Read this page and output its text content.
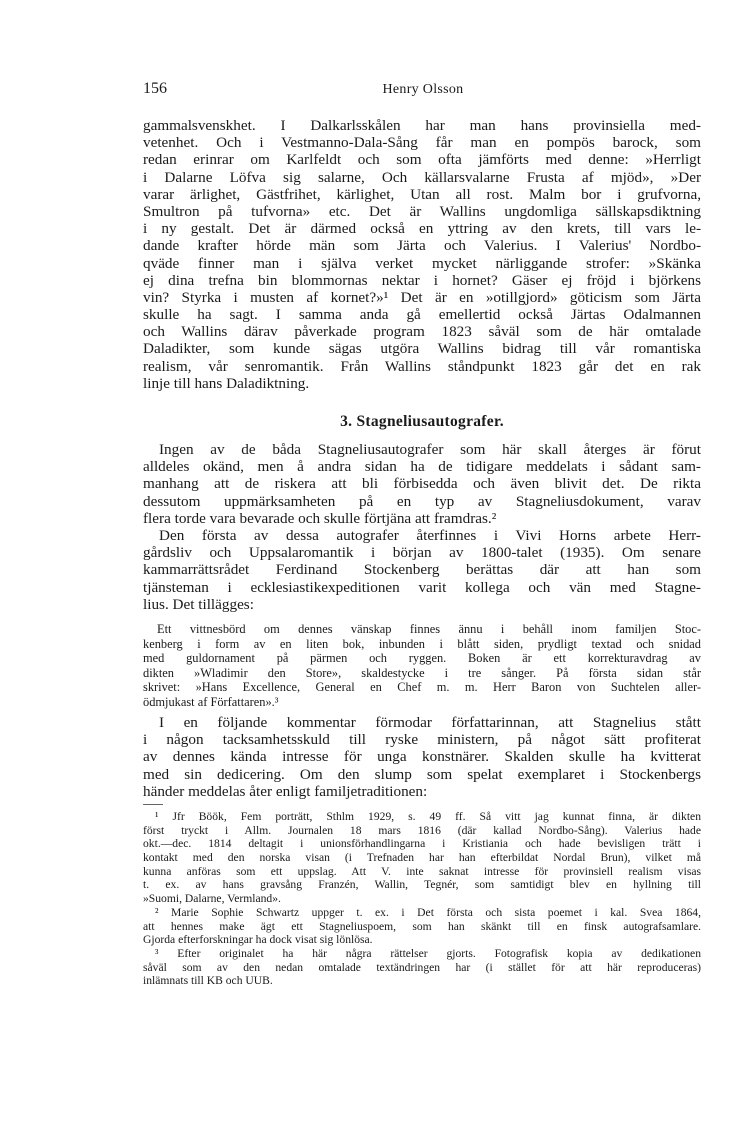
156	Henry Olsson
gammalsvenskhet. I Dalkarlsskålen har man hans provinsiella med-
vetenhet. Och i Vestmanno-Dala-Sång får man en pompös barock, som
redan erinrar om Karlfeldt och som ofta jämförts med denne: »Herrligt
i Dalarne Löfva sig salarne, Och källarsvalarne Frusta af mjöd», »Der
varar ärlighet, Gästfrihet, kärlighet, Utan all rost. Malm bor i grufvorna,
Smultron på tufvorna» etc. Det är Wallins ungdomliga sällskapsdiktning
i ny gestalt. Det är därmed också en yttring av den krets, till vars le-
dande krafter hörde män som Järta och Valerius. I Valerius' Nordbo-
qväde finner man i själva verket mycket närliggande strofer: »Skänka
ej dina trefna bin blommornas nektar i hornet? Gäser ej fröjd i björkens
vin? Styrka i musten af kornet?»¹ Det är en »otillgjord» göticism som Järta
skulle ha sagt. I samma anda gå emellertid också Järtas Odalmannen
och Wallins därav påverkade program 1823 såväl som de här omtalade
Daladikter, som kunde sägas utgöra Wallins bidrag till vår romantiska
realism, vår senromantik. Från Wallins ståndpunkt 1823 går det en rak
linje till hans Daladiktning.
3. Stagneliusautografer.
Ingen av de båda Stagneliusautografer som här skall återges är förut
alldeles okänd, men å andra sidan ha de tidigare meddelats i sådant sam-
manhang att de riskera att bli förbisedda och även blivit det. De rikta
dessutom uppmärksamheten på en typ av Stagneliusdokument, varav
flera torde vara bevarade och skulle förtjäna att framdras.²
Den första av dessa autografer återfinnes i Vivi Horns arbete Herr-
gårdsliv och Uppsalaromantik i början av 1800-talet (1935). Om senare
kammarrättsrådet Ferdinand Stockenberg berättas där att han som
tjänsteman i ecklesiastikexpeditionen varit kollega och vän med Stagne-
lius. Det tillägges:
Ett vittnesbörd om dennes vänskap finnes ännu i behåll inom familjen Stoc-
kenberg i form av en liten bok, inbunden i blått siden, prydligt textad och snidad
med guldornament på pärmen och ryggen. Boken är ett korrekturavdrag av
dikten »Wladimir den Store», skaldestycke i tre sånger. På första sidan står
skrivet: »Hans Excellence, General en Chef m. m. Herr Baron von Suchtelen aller-
ödmjukast af Författaren».³
I en följande kommentar förmodar författarinnan, att Stagnelius stått
i någon tacksamhetsskuld till ryske ministern, på något sätt profiterat
av dennes kända intresse för unga konstnärer. Skalden skulle ha kvitterat
med sin dedicering. Om den slump som spelat exemplaret i Stockenbergs
händer meddelas åter enligt familjetraditionen:
¹ Jfr Böök, Fem porträtt, Sthlm 1929, s. 49 ff. Så vitt jag kunnat finna, är dikten
först tryckt i Allm. Journalen 18 mars 1816 (där kallad Nordbo-Sång). Valerius hade
okt.—dec. 1814 deltagit i unionsförhandlingarna i Kristiania och hade bevisligen trätt i
kontakt med den norska visan (i Trefnaden har han efterbildat Nordal Brun), vilket må
kunna anföras som ett uppslag. Att V. inte saknat intresse för provinsiell realism visas
t. ex. av hans gravsång Franzén, Wallin, Tegnér, som samtidigt blev en hyllning till
»Suomi, Dalarne, Vermland».
² Marie Sophie Schwartz uppger t. ex. i Det första och sista poemet i kal. Svea 1864,
att hennes make ägt ett Stagneliuspoem, som han skänkt till en finsk autografsamlare.
Gjorda efterforskningar ha dock visat sig lönlösa.
³ Efter originalet ha här några rättelser gjorts. Fotografisk kopia av dedikationen
såväl som av den nedan omtalade textändringen har (i stället för att här reproduceras)
inlämnats till KB och UUB.
